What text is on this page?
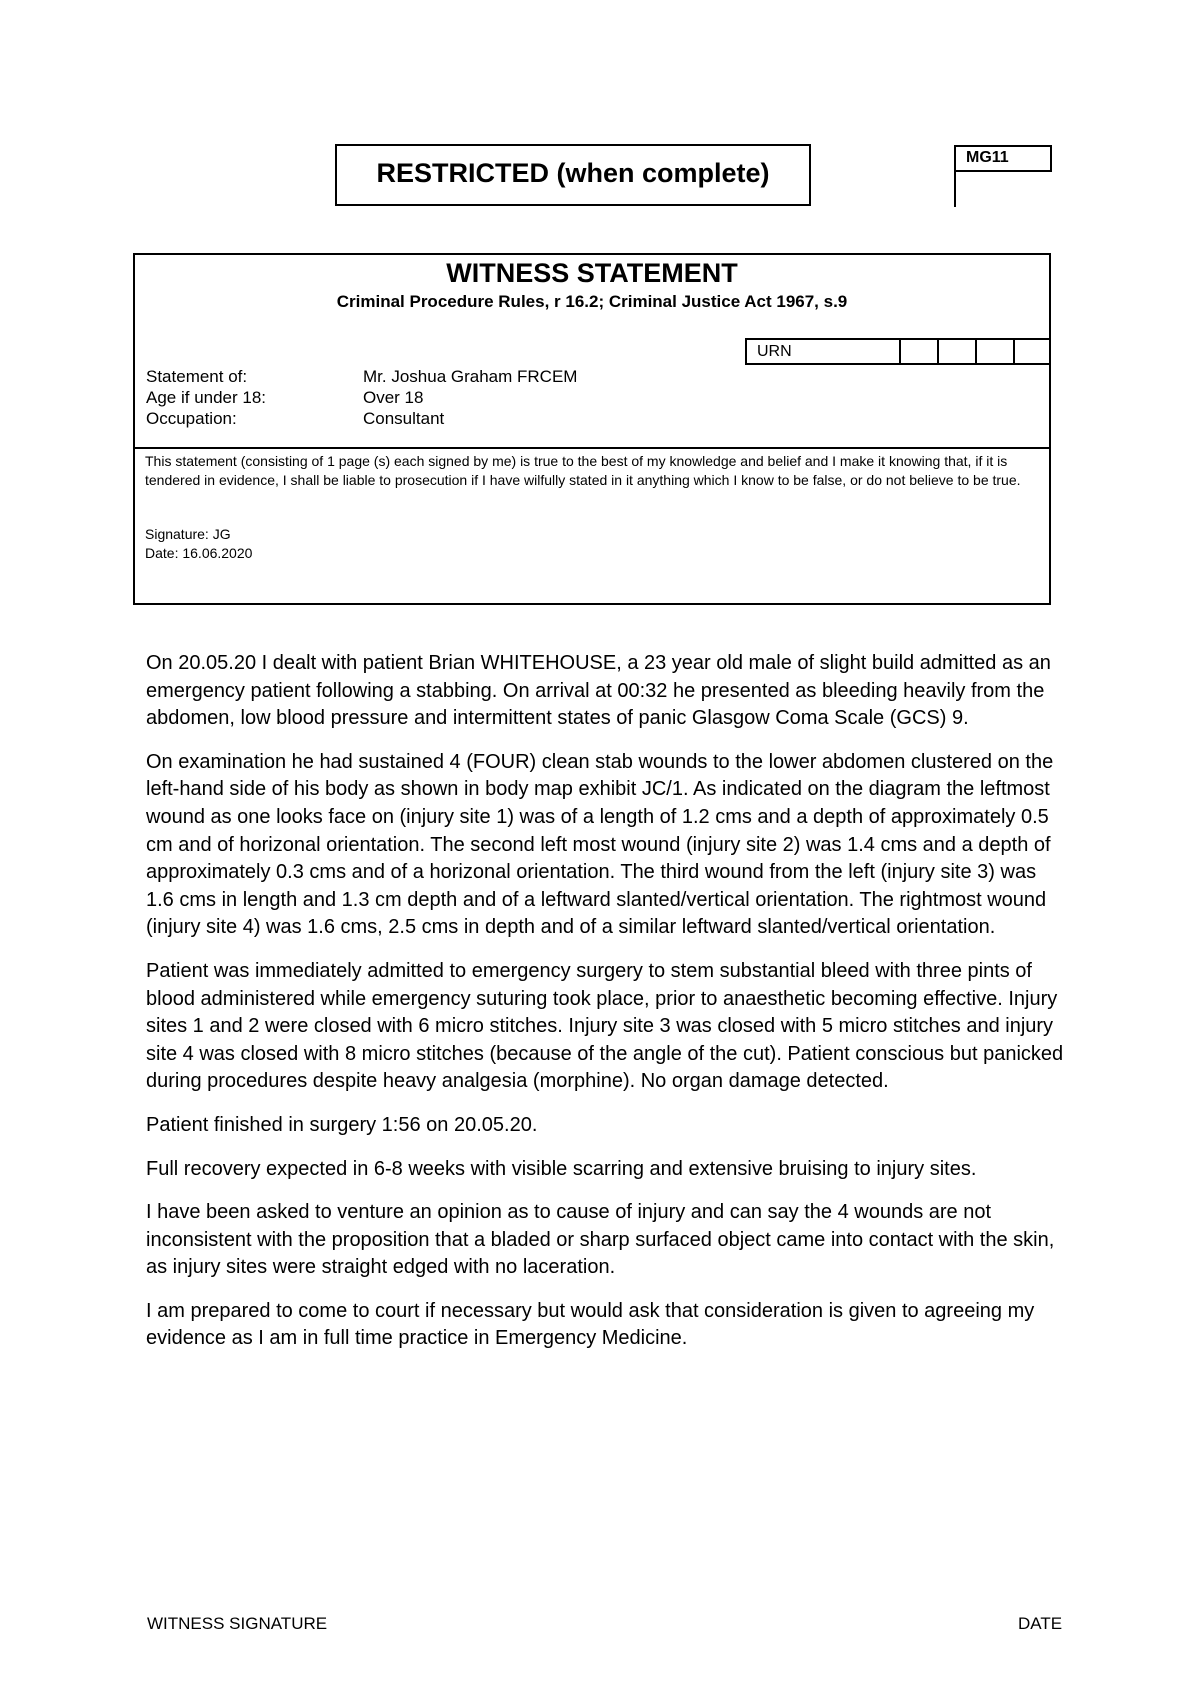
RESTRICTED (when complete)
MG11
WITNESS STATEMENT
Criminal Procedure Rules, r 16.2; Criminal Justice Act 1967, s.9
URN
Statement of:	Mr. Joshua Graham FRCEM
Age if under 18:	Over 18
Occupation:	Consultant
This statement (consisting of 1 page (s) each signed by me) is true to the best of my knowledge and belief and I make it knowing that, if it is tendered in evidence, I shall be liable to prosecution if I have wilfully stated in it anything which I know to be false, or do not believe to be true.
Signature: JG
Date: 16.06.2020

On 20.05.20 I dealt with patient Brian WHITEHOUSE, a 23 year old male of slight build admitted as an emergency patient following a stabbing. On arrival at 00:32 he presented as bleeding heavily from the abdomen, low blood pressure and intermittent states of panic Glasgow Coma Scale (GCS) 9.

On examination he had sustained 4 (FOUR) clean stab wounds to the lower abdomen clustered on the left-hand side of his body as shown in body map exhibit JC/1. As indicated on the diagram the leftmost wound as one looks face on (injury site 1) was of a length of 1.2 cms and a depth of approximately 0.5 cm and of horizonal orientation. The second left most wound (injury site 2) was 1.4 cms and a depth of approximately 0.3 cms and of a horizonal orientation. The third wound from the left (injury site 3) was 1.6 cms in length and 1.3 cm depth and of a leftward slanted/vertical orientation. The rightmost wound (injury site 4) was 1.6 cms, 2.5 cms in depth and of a similar leftward slanted/vertical orientation.

Patient was immediately admitted to emergency surgery to stem substantial bleed with three pints of blood administered while emergency suturing took place, prior to anaesthetic becoming effective. Injury sites 1 and 2 were closed with 6 micro stitches. Injury site 3 was closed with 5 micro stitches and injury site 4 was closed with 8 micro stitches (because of the angle of the cut). Patient conscious but panicked during procedures despite heavy analgesia (morphine). No organ damage detected.

Patient finished in surgery 1:56 on 20.05.20.

Full recovery expected in 6-8 weeks with visible scarring and extensive bruising to injury sites.

I have been asked to venture an opinion as to cause of injury and can say the 4 wounds are not inconsistent with the proposition that a bladed or sharp surfaced object came into contact with the skin, as injury sites were straight edged with no laceration.

I am prepared to come to court if necessary but would ask that consideration is given to agreeing my evidence as I am in full time practice in Emergency Medicine.

WITNESS SIGNATURE	DATE
